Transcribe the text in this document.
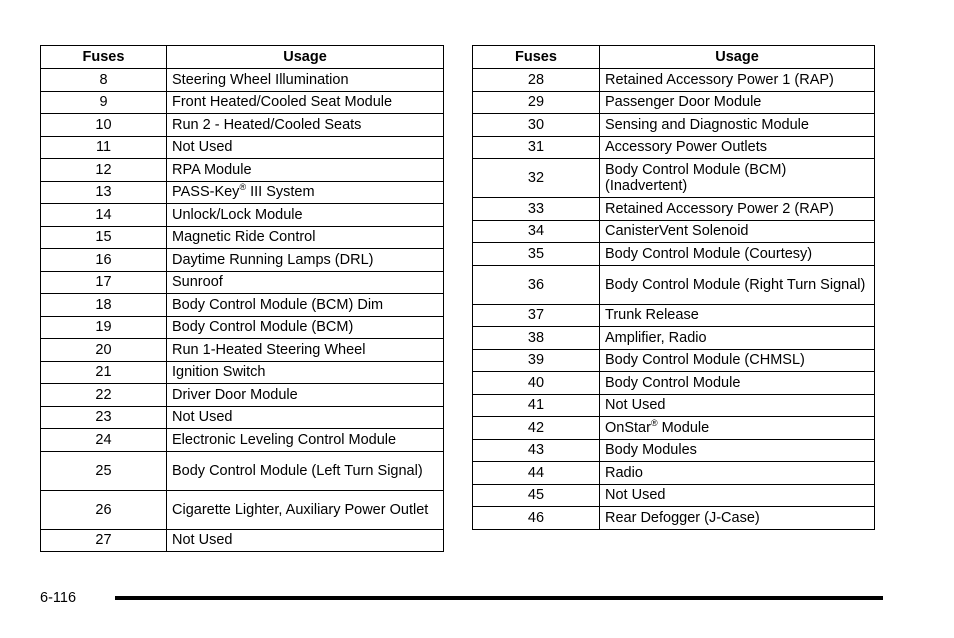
Fuses	Usage
8	Steering Wheel Illumination
9	Front Heated/Cooled Seat Module
10	Run 2 - Heated/Cooled Seats
11	Not Used
12	RPA Module
13	PASS-Key® III System
14	Unlock/Lock Module
15	Magnetic Ride Control
16	Daytime Running Lamps (DRL)
17	Sunroof
18	Body Control Module (BCM) Dim
19	Body Control Module (BCM)
20	Run 1-Heated Steering Wheel
21	Ignition Switch
22	Driver Door Module
23	Not Used
24	Electronic Leveling Control Module
25	Body Control Module (Left Turn Signal)
26	Cigarette Lighter, Auxiliary Power Outlet
27	Not Used
Fuses	Usage
28	Retained Accessory Power 1 (RAP)
29	Passenger Door Module
30	Sensing and Diagnostic Module
31	Accessory Power Outlets
32	Body Control Module (BCM) (Inadvertent)
33	Retained Accessory Power 2 (RAP)
34	CanisterVent Solenoid
35	Body Control Module (Courtesy)
36	Body Control Module (Right Turn Signal)
37	Trunk Release
38	Amplifier, Radio
39	Body Control Module (CHMSL)
40	Body Control Module
41	Not Used
42	OnStar® Module
43	Body Modules
44	Radio
45	Not Used
46	Rear Defogger (J-Case)
6-116
